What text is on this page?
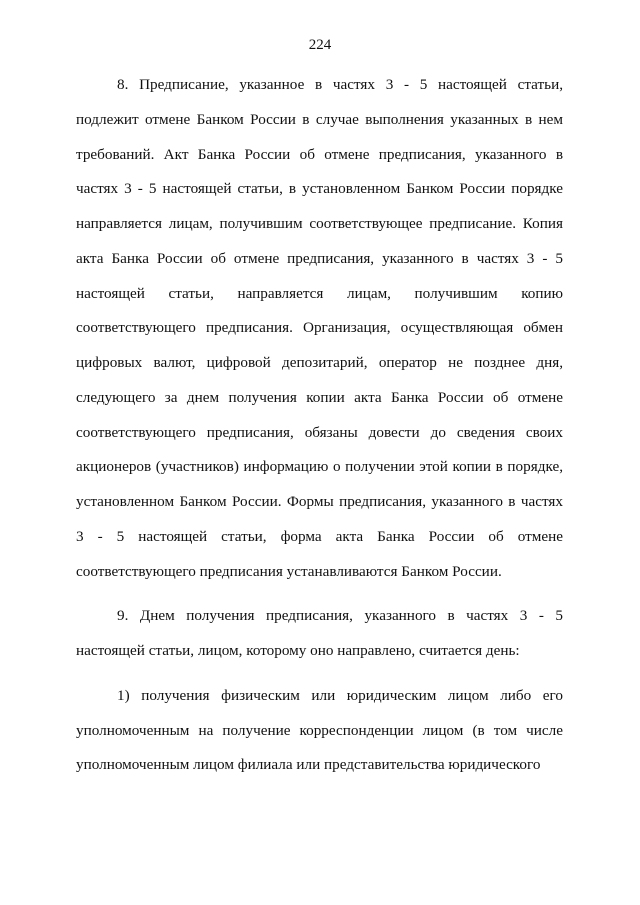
224

8. Предписание, указанное в частях 3 - 5 настоящей статьи, подлежит отмене Банком России в случае выполнения указанных в нем требований. Акт Банка России об отмене предписания, указанного в частях 3 - 5 настоящей статьи, в установленном Банком России порядке направляется лицам, получившим соответствующее предписание. Копия акта Банка России об отмене предписания, указанного в частях 3 - 5 настоящей статьи, направляется лицам, получившим копию соответствующего предписания. Организация, осуществляющая обмен цифровых валют, цифровой депозитарий, оператор не позднее дня, следующего за днем получения копии акта Банка России об отмене соответствующего предписания, обязаны довести до сведения своих акционеров (участников) информацию о получении этой копии в порядке, установленном Банком России. Формы предписания, указанного в частях 3 - 5 настоящей статьи, форма акта Банка России об отмене соответствующего предписания устанавливаются Банком России.

9. Днем получения предписания, указанного в частях 3 - 5 настоящей статьи, лицом, которому оно направлено, считается день:

1) получения физическим или юридическим лицом либо его уполномоченным на получение корреспонденции лицом (в том числе уполномоченным лицом филиала или представительства юридического
